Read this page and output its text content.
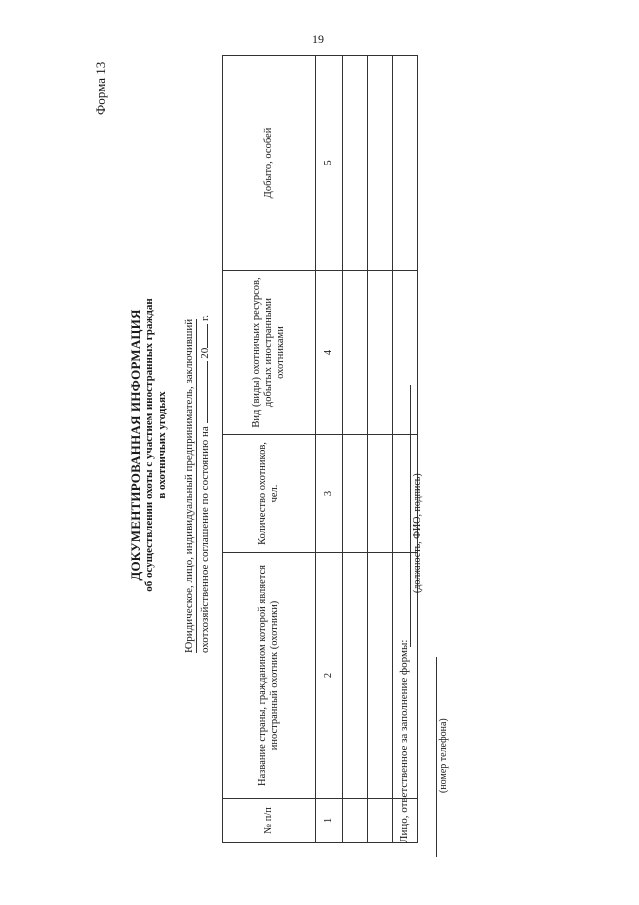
19
Форма 13
ДОКУМЕНТИРОВАННАЯ ИНФОРМАЦИЯ об осуществлении охоты с участием иностранных граждан в охотничьих угодьях Юридическое, лицо, индивидуальный предприниматель, заключивший охотхозяйственное соглашение по состоянию на  20 г.
№ п/п	Название страны, гражданином которой является иностранный охотник (охотники)	Количество охотников, чел.	Вид (виды) охотничьих ресурсов, добытых иностранными охотниками	Добыто, особей
1	2	3	4	5

Лицо, ответственное за заполнение формы:
(должность, ФИО, подпись)
(номер телефона)
